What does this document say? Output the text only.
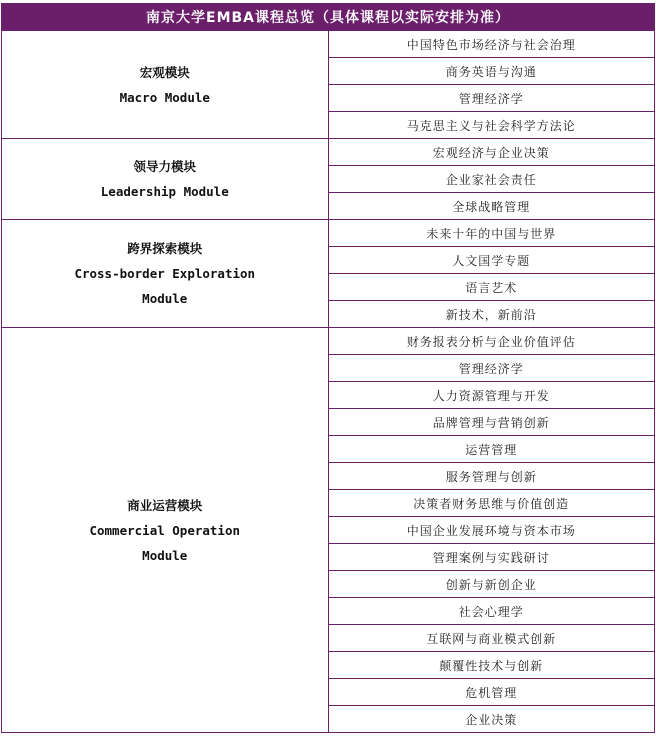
南京大学EMBA课程总览（具体课程以实际安排为准）	

宏观模块
Macro Module	中国特色市场经济与社会治理
	商务英语与沟通
	管理经济学
	马克思主义与社会科学方法论

领导力模块
Leadership Module	宏观经济与企业决策
	企业家社会责任
	全球战略管理

跨界探索模块
Cross-border Exploration
Module	未来十年的中国与世界
	人文国学专题
	语言艺术
	新技术，新前沿

商业运营模块
Commercial Operation
Module	财务报表分析与企业价值评估
	管理经济学
	人力资源管理与开发
	品牌管理与营销创新
	运营管理
	服务管理与创新
	决策者财务思维与价值创造
	中国企业发展环境与资本市场
	管理案例与实践研讨
	创新与新创企业
	社会心理学
	互联网与商业模式创新
	颠覆性技术与创新
	危机管理
	企业决策
